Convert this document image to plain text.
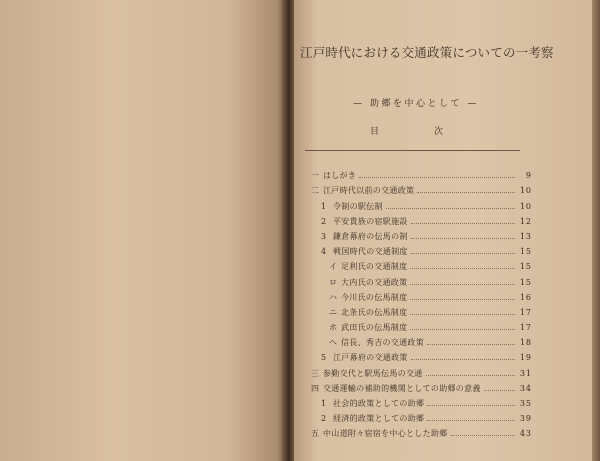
江戸時代における交通政策についての一考察
— 助郷を中心として —
目	次
一 はしがき	9
二 江戸時代以前の交通政策	10
1 令制の駅伝制	10
2 平安貴族の宿駅施設	12
3 鎌倉幕府の伝馬の制	13
4 戦国時代の交通制度	15
イ 足利氏の交通制度	15
ロ 大内氏の交通政策	15
ハ 今川氏の伝馬制度	16
ニ 北条氏の伝馬制度	17
ホ 武田氏の伝馬制度	17
ヘ 信長、秀吉の交通政策	18
5 江戸幕府の交通政策	19
三 参勤交代と駅馬伝馬の交通	31
四 交通運輸の補助的機関としての助郷の意義	34
1 社会的政策としての助郷	35
2 経済的政策としての助郷	39
五 中山道附々宿宿を中心とした助郷	43
